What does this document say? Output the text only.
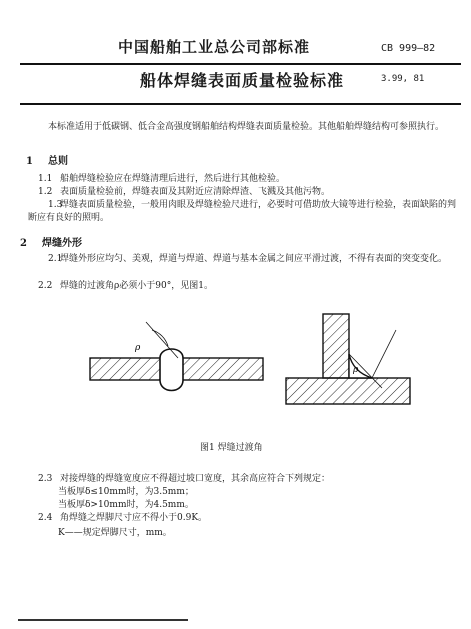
中国船舶工业总公司部标准	CB 999—82
船体焊缝表面质量检验标准	3.99, 81
本标准适用于低碳钢、低合金高强度钢船舶结构焊缝表面质量检验。其他船舶焊缝结构可参照执行。
1 总则
1.1 船舶焊缝检验应在焊缝清理后进行，然后进行其他检验。
1.2 表面质量检验前，焊缝表面及其附近应清除焊渣、飞溅及其他污物。
1.3焊缝表面质量检验，一般用肉眼及焊缝检验尺进行，必要时可借助放大镜等进行检验，表面缺陷的判断应有良好的照明。
2 焊缝外形
2.1焊缝外形应均匀、美观，焊道与焊道、焊道与基本金属之间应平滑过渡，不得有表面的突变变化。
2.2 焊缝的过渡角ρ必须小于90°，见图1。
ρ
ρ
图1 焊缝过渡角
2.3 对接焊缝的焊缝宽度应不得超过坡口宽度，其余高应符合下列规定：
当板厚δ≤10mm时，为3.5mm；
当板厚δ>10mm时，为4.5mm。
2.4 角焊缝之焊脚尺寸应不得小于0.9K。
K——规定焊脚尺寸，mm。
